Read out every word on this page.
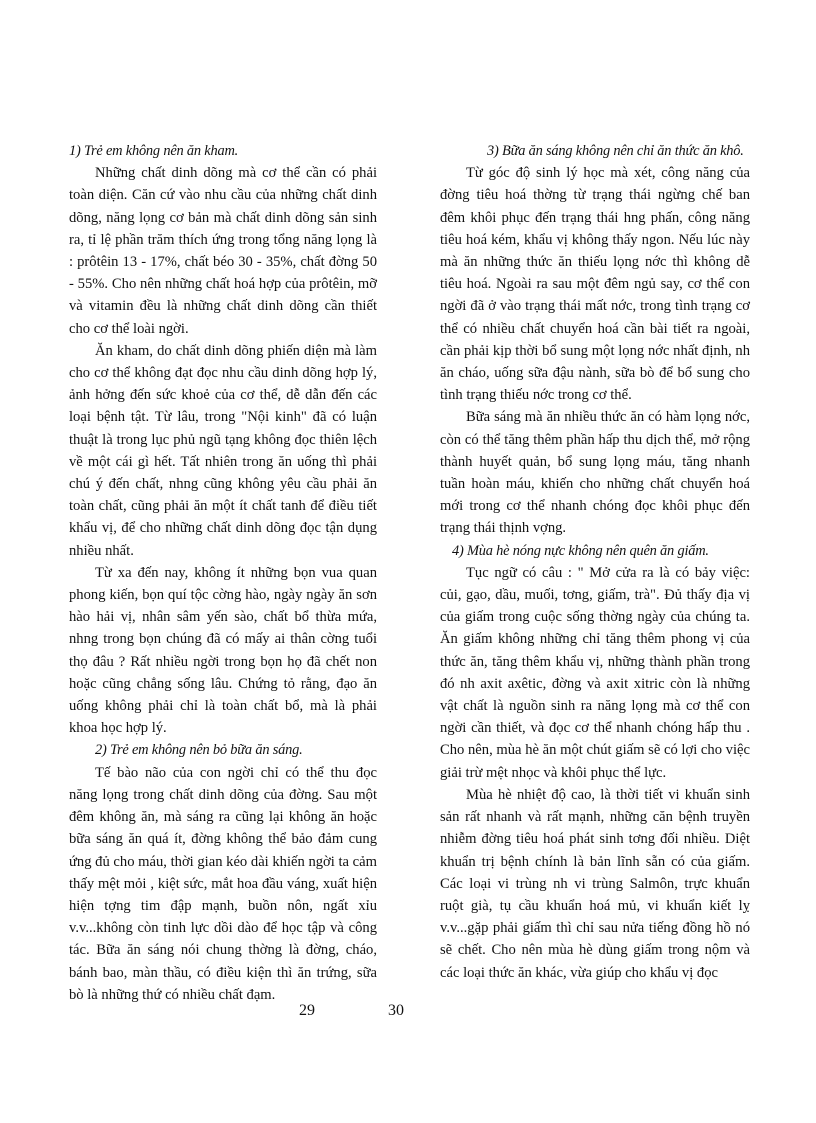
1) Trẻ em không nên ăn kham.

Những chất dinh dõng mà cơ thể cần có phải toàn diện. Căn cứ vào nhu cầu của những chất dinh dõng, năng lọng cơ bản mà chất dinh dõng sản sinh ra, tỉ lệ phần trăm thích ứng trong tổng năng lọng là : prôtêin 13 - 17%, chất béo 30 - 35%, chất đờng 50 - 55%. Cho nên những chất hoá hợp của prôtêin, mỡ và vitamin đều là những chất dinh dõng cần thiết cho cơ thể loài ngời.

Ăn kham, do chất dinh dõng phiến diện mà làm cho cơ thể không đạt đọc nhu cầu dinh dõng hợp lý, ảnh hởng đến sức khoẻ của cơ thể, dễ dẫn đến các loại bệnh tật. Từ lâu, trong "Nội kinh" đã có luận thuật là trong lục phủ ngũ tạng không đọc thiên lệch về một cái gì hết. Tất nhiên trong ăn uống thì phải chú ý đến chất, nhng cũng không yêu cầu phải ăn toàn chất, cũng phải ăn một ít chất tanh để điều tiết khẩu vị, để cho những chất dinh dõng đọc tận dụng nhiều nhất.

Từ xa đến nay, không ít những bọn vua quan phong kiến, bọn quí tộc cờng hào, ngày ngày ăn sơn hào hải vị, nhân sâm yến sào, chất bổ thừa mứa, nhng trong bọn chúng đã có mấy ai thân cờng tuổi thọ đâu ? Rất nhiều ngời trong bọn họ đã chết non hoặc cũng chẳng sống lâu. Chứng tỏ rằng, đạo ăn uống không phải chỉ là toàn chất bổ, mà là phải khoa học hợp lý.

2) Trẻ em không nên bỏ bữa ăn sáng.

Tế bào não của con ngời chỉ có thể thu đọc năng lọng trong chất dinh dõng của đờng. Sau một đêm không ăn, mà sáng ra cũng lại không ăn hoặc bữa sáng ăn quá ít, đờng không thể bảo đảm cung ứng đủ cho máu, thời gian kéo dài khiến ngời ta cảm thấy mệt mỏi , kiệt sức, mắt hoa đầu váng, xuất hiện hiện tợng tim đập mạnh, buồn nôn, ngất xỉu v.v...không còn tinh lực dồi dào để học tập và công tác. Bữa ăn sáng nói chung thờng là đờng, cháo, bánh bao, màn thầu, có điều kiện thì ăn trứng, sữa bò là những thứ có nhiều chất đạm.

3) Bữa ăn sáng không nên chỉ ăn thức ăn khô.

Từ góc độ sinh lý học mà xét, công năng của đờng tiêu hoá thờng từ trạng thái ngừng chế ban đêm khôi phục đến trạng thái hng phấn, công năng tiêu hoá kém, khẩu vị không thấy ngon. Nếu lúc này mà ăn những thức ăn thiếu lọng nớc thì không dễ tiêu hoá. Ngoài ra sau một đêm ngủ say, cơ thể con ngời đã ở vào trạng thái mất nớc, trong tình trạng cơ thể có nhiều chất chuyển hoá cần bài tiết ra ngoài, cần phải kịp thời bổ sung một lọng nớc nhất định, nh ăn cháo, uống sữa đậu nành, sữa bò để bổ sung cho tình trạng thiếu nớc trong cơ thể.

Bữa sáng mà ăn nhiều thức ăn có hàm lọng nớc, còn có thể tăng thêm phần hấp thu dịch thể, mở rộng thành huyết quản, bổ sung lọng máu, tăng nhanh tuần hoàn máu, khiến cho những chất chuyển hoá mới trong cơ thể nhanh chóng đọc khôi phục đến trạng thái thịnh vợng.

4) Mùa hè nóng nực không nên quên ăn giấm.

Tục ngữ có câu : " Mở cửa ra là có bảy việc: củi, gạo, dầu, muối, tơng, giấm, trà". Đủ thấy địa vị của giấm trong cuộc sống thờng ngày của chúng ta. Ăn giấm không những chỉ tăng thêm phong vị của thức ăn, tăng thêm khẩu vị, những thành phần trong đó nh axit axêtic, đờng và axit xitric còn là những vật chất là nguồn sinh ra năng lọng mà cơ thể con ngời cần thiết, và đọc cơ thể nhanh chóng hấp thu . Cho nên, mùa hè ăn một chút giấm sẽ có lợi cho việc giải trừ mệt nhọc và khôi phục thể lực.

Mùa hè nhiệt độ cao, là thời tiết vi khuẩn sinh sản rất nhanh và rất mạnh, những căn bệnh truyền nhiễm đờng tiêu hoá phát sinh tơng đối nhiều. Diệt khuẩn trị bệnh chính là bản lĩnh sẵn có của giấm. Các loại vi trùng nh vi trùng Salmôn, trực khuẩn ruột già, tụ cầu khuẩn hoá mủ, vi khuẩn kiết lỵ v.v...gặp phải giấm thì chỉ sau nửa tiếng đồng hồ nó sẽ chết. Cho nên mùa hè dùng giấm trong nộm và các loại thức ăn khác, vừa giúp cho khẩu vị đọc

29	30
